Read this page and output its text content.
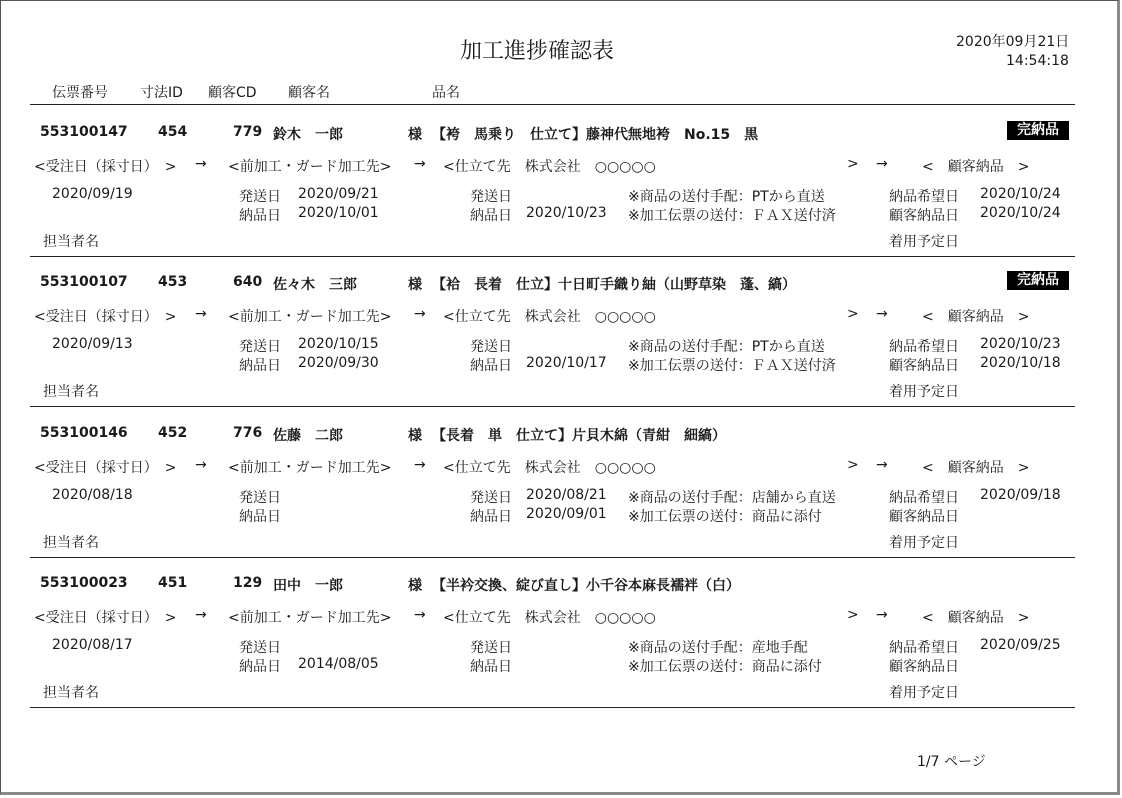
加工進捗確認表	2020年09月21日
14:54:18
伝票番号 寸法ID 顧客CD 顧客名	品名
553100147 454	779 鈴木　一郎	様 【袴　馬乗り　仕立て】藤神代無地袴　No.15　黒	完納品
<受注日（採寸日）　> → <前加工・ガード加工先> → <仕立て先　株式会社　○○○○○	> → <　顧客納品　>
2020/09/19	発送日 2020/09/21	発送日	※商品の送付手配：PTから直送	納品希望日 2020/10/24
納品日 2020/10/01	納品日 2020/10/23 ※加工伝票の送付：ＦＡＸ送付済	顧客納品日 2020/10/24
担当者名	着用予定日
553100107 453	640 佐々木　三郎	様 【袷　長着　仕立】十日町手織り紬（山野草染　蓬、縞）	完納品
<受注日（採寸日）　> → <前加工・ガード加工先> → <仕立て先　株式会社　○○○○○	> → <　顧客納品　>
2020/09/13	発送日 2020/10/15	発送日	※商品の送付手配：PTから直送	納品希望日 2020/10/23
納品日 2020/09/30	納品日 2020/10/17 ※加工伝票の送付：ＦＡＸ送付済	顧客納品日 2020/10/18
担当者名	着用予定日
553100146 452	776 佐藤　二郎	様 【長着　単　仕立て】片貝木綿（青紺　細縞）
<受注日（採寸日）　> → <前加工・ガード加工先> → <仕立て先　株式会社　○○○○○	> → <　顧客納品　>
2020/08/18	発送日	発送日 2020/08/21 ※商品の送付手配：店舗から直送	納品希望日 2020/09/18
納品日	納品日 2020/09/01 ※加工伝票の送付：商品に添付	顧客納品日
担当者名	着用予定日
553100023 451	129 田中　一郎	様 【半衿交換、綻び直し】小千谷本麻長襦袢（白）
<受注日（採寸日）　> → <前加工・ガード加工先> → <仕立て先　株式会社　○○○○○	> → <　顧客納品　>
2020/08/17	発送日	発送日	※商品の送付手配：産地手配	納品希望日 2020/09/25
納品日 2014/08/05	納品日	※加工伝票の送付：商品に添付	顧客納品日
担当者名	着用予定日
1/7 ページ
